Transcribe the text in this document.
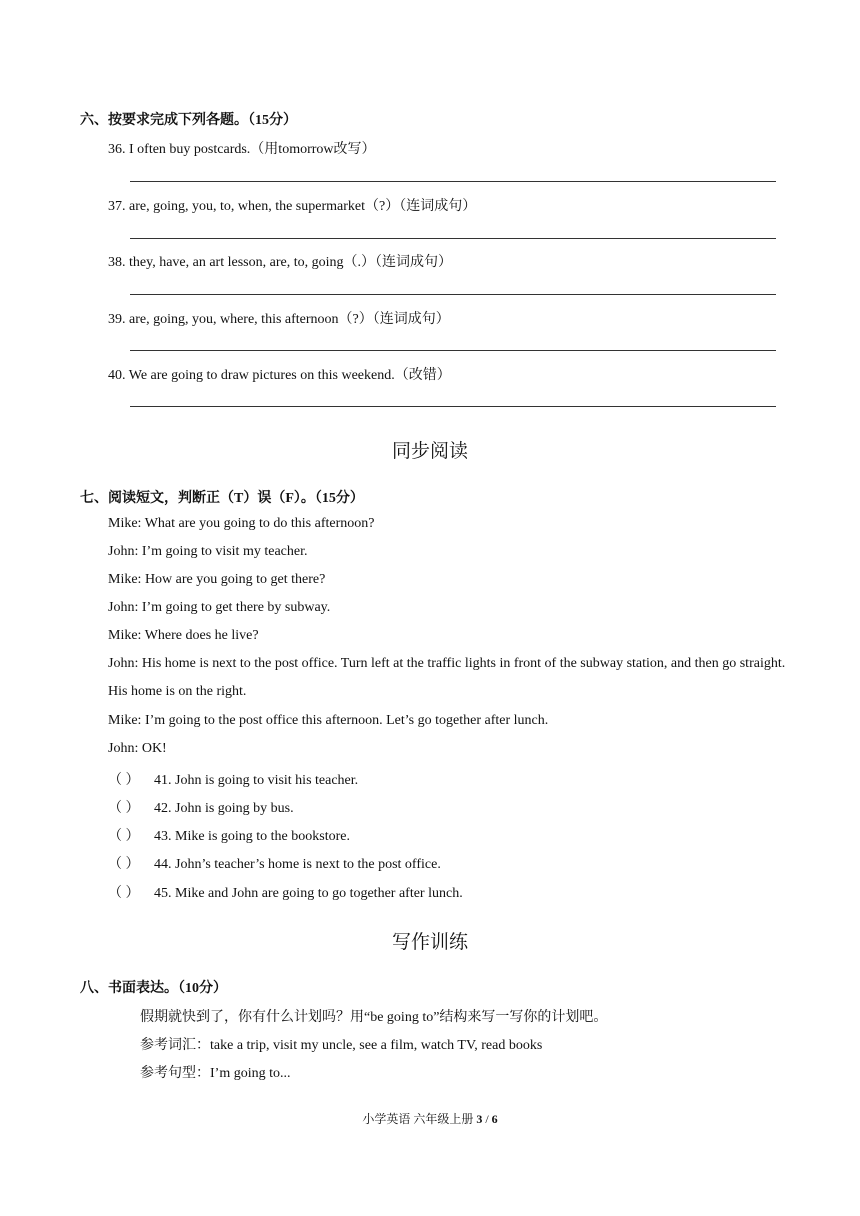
六、按要求完成下列各题。（15分）
36. I often buy postcards.（用tomorrow改写）
37. are, going, you, to, when, the supermarket（?）（连词成句）
38. they, have, an art lesson, are, to, going（.）（连词成句）
39. are, going, you, where, this afternoon（?）（连词成句）
40. We are going to draw pictures on this weekend.（改错）
同步阅读
七、阅读短文，判断正（T）误（F）。（15分）
Mike: What are you going to do this afternoon?
John: I’m going to visit my teacher.
Mike: How are you going to get there?
John: I’m going to get there by subway.
Mike: Where does he live?
John: His home is next to the post office. Turn left at the traffic lights in front of the subway station, and then go straight. His home is on the right.
Mike: I’m going to the post office this afternoon. Let’s go together after lunch.
John: OK!
（ ） 41. John is going to visit his teacher.
（ ） 42. John is going by bus.
（ ） 43. Mike is going to the bookstore.
（ ） 44. John’s teacher’s home is next to the post office.
（ ） 45. Mike and John are going to go together after lunch.
写作训练
八、书面表达。（10分）
假期就快到了，你有什么计划吗？用“be going to”结构来写一写你的计划吧。
参考词汇：take a trip, visit my uncle, see a film, watch TV, read books
参考句型：I’m going to...
小学英语 六年级上册 3 / 6
